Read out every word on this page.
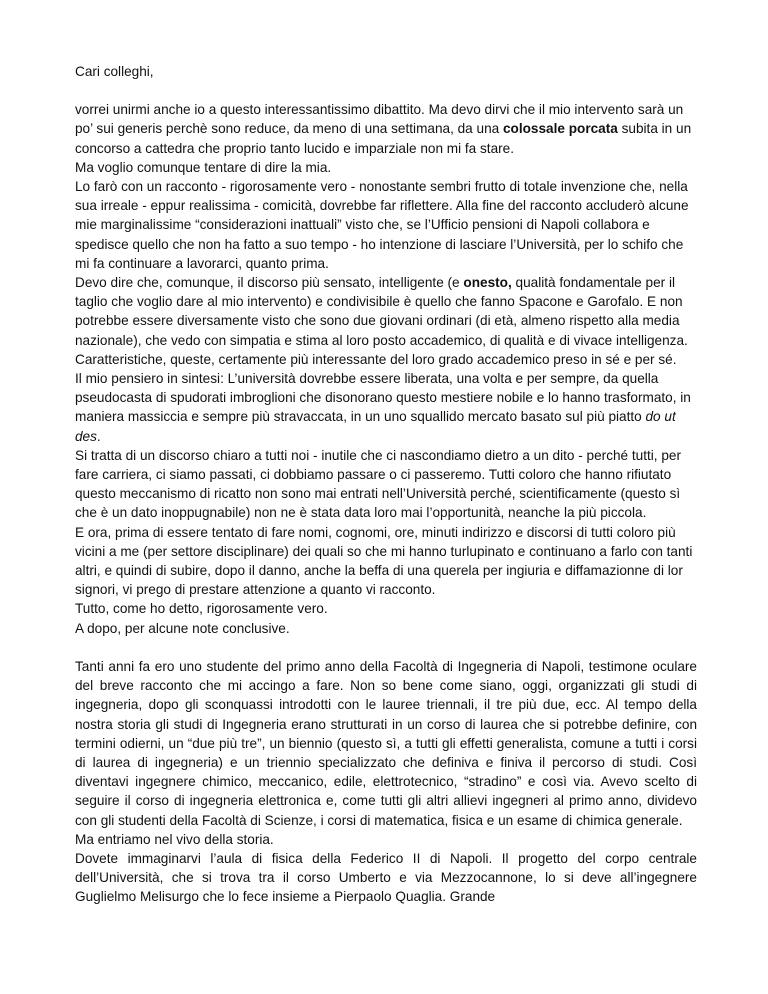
Cari colleghi,

vorrei unirmi anche io a questo interessantissimo dibattito. Ma devo dirvi che il mio intervento sarà un po’ sui generis perchè sono reduce, da meno di una settimana, da una colossale porcata subita in un concorso a cattedra che proprio tanto lucido e imparziale non mi fa stare.

Ma voglio comunque tentare di dire la mia.

Lo farò con un racconto - rigorosamente vero - nonostante sembri frutto di totale invenzione che, nella sua irreale - eppur realissima - comicità, dovrebbe far riflettere. Alla fine del racconto accluderò alcune mie marginalissime “considerazioni inattuali” visto che, se l’Ufficio pensioni di Napoli collabora e spedisce quello che non ha fatto a suo tempo - ho intenzione di lasciare l’Università, per lo schifo che mi fa continuare a lavorarci, quanto prima.

Devo dire che, comunque, il discorso più sensato, intelligente (e onesto, qualità fondamentale per il taglio che voglio dare al mio intervento) e condivisibile è quello che fanno Spacone e Garofalo. E non potrebbe essere diversamente visto che sono due giovani ordinari (di età, almeno rispetto alla media nazionale), che vedo con simpatia e stima al loro posto accademico, di qualità e di vivace intelligenza. Caratteristiche, queste, certamente più interessante del loro grado accademico preso in sé e per sé.

Il mio pensiero in sintesi: L’università dovrebbe essere liberata, una volta e per sempre, da quella pseudocasta di spudorati imbroglioni che disonorano questo mestiere nobile e lo hanno trasformato, in maniera massiccia e sempre più stravaccata, in un uno squallido mercato basato sul più piatto do ut des.

Si tratta di un discorso chiaro a tutti noi - inutile che ci nascondiamo dietro a un dito - perché tutti, per fare carriera, ci siamo passati, ci dobbiamo passare o ci passeremo. Tutti coloro che hanno rifiutato questo meccanismo di ricatto non sono mai entrati nell’Università perché, scientificamente (questo sì che è un dato inoppugnabile) non ne è stata data loro mai l’opportunità, neanche la più piccola.

E ora, prima di essere tentato di fare nomi, cognomi, ore, minuti indirizzo e discorsi di tutti coloro più vicini a me (per settore disciplinare) dei quali so che mi hanno turlupinato e continuano a farlo con tanti altri, e quindi di subire, dopo il danno, anche la beffa di una querela per ingiuria e diffamazionne di lor signori, vi prego di prestare attenzione a quanto vi racconto.

Tutto, come ho detto, rigorosamente vero.

A dopo, per alcune note conclusive.

Tanti anni fa ero uno studente del primo anno della Facoltà di Ingegneria di Napoli, testimone oculare del breve racconto che mi accingo a fare. Non so bene come siano, oggi, organizzati gli studi di ingegneria, dopo gli sconquassi introdotti con le lauree triennali, il tre più due, ecc. Al tempo della nostra storia gli studi di Ingegneria erano strutturati in un corso di laurea che si potrebbe definire, con termini odierni, un “due più tre”, un biennio (questo sì, a tutti gli effetti generalista, comune a tutti i corsi di laurea di ingegneria) e un triennio specializzato che definiva e finiva il percorso di studi. Così diventavi ingegnere chimico, meccanico, edile, elettrotecnico, “stradino” e così via. Avevo scelto di seguire il corso di ingegneria elettronica e, come tutti gli altri allievi ingegneri al primo anno, dividevo con gli studenti della Facoltà di Scienze, i corsi di matematica, fisica e un esame di chimica generale.

Ma entriamo nel vivo della storia.

Dovete immaginarvi l’aula di fisica della Federico II di Napoli. Il progetto del corpo centrale dell’Università, che si trova tra il corso Umberto e via Mezzocannone, lo si deve all’ingegnere Guglielmo Melisurgo che lo fece insieme a Pierpaolo Quaglia. Grande
